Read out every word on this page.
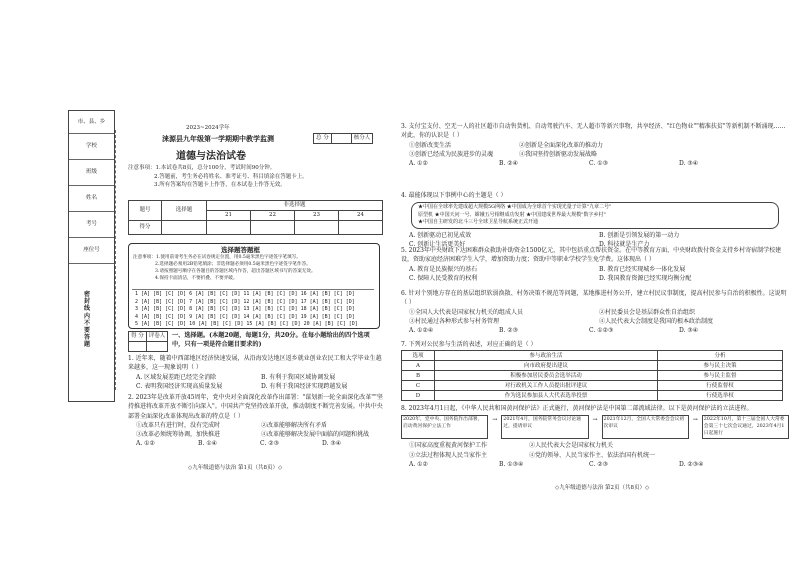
市、县、乡
学校
班级
姓名
考号
座位号
密封线内不要答题
2023~2024学年
涞源县九年级第一学期期中教学监测
道德与法治试卷
总 分		核分人
注意事项：1.本试卷共8页，总分100分，考试时间90分钟。
2.答题前，考生务必将姓名、准考证号、科目填涂在答题卡上。
3.所有答案均在答题卡上作答，在本试卷上作答无效。
题号	选择题	非选择题			
		21	22	23	24
得分					
选择题答题框
注意事项：1.使用前请考生务必在试卷规定位置，用0.5毫米黑色字迹签字笔填写。
2.选择题必须用2B铅笔填涂；非选择题必须用0.5毫米黑色字迹签字笔作答。
3.请按照题号顺序在各题目的答题区域内作答，超出答题区域书写的答案无效。
4.保持卡面清洁，不要折叠、不要弄破。
1 [A] [B] [C] [D] 6 [A] [B] [C] [D] 11 [A] [B] [C] [D] 16 [A] [B] [C] [D]
2 [A] [B] [C] [D] 7 [A] [B] [C] [D] 12 [A] [B] [C] [D] 17 [A] [B] [C] [D]
3 [A] [B] [C] [D] 8 [A] [B] [C] [D] 13 [A] [B] [C] [D] 18 [A] [B] [C] [D]
4 [A] [B] [C] [D] 9 [A] [B] [C] [D] 14 [A] [B] [C] [D] 19 [A] [B] [C] [D]
5 [A] [B] [C] [D] 10 [A] [B] [C] [D] 15 [A] [B] [C] [D] 20 [A] [B] [C] [D]
得 分	评卷人
	一、选择题。(本题20题，每题1分，共20分。在每小题给出的四个选项中，只有一项是符合题目要求的)
1. 近年来，随着中西部地区经济快速发展，从沿海发达地区返乡就业创业农民工和大学毕业生越来越多，这一现象说明（ ）
A. 区域发展差距已经完全消除	B. 有利于我国区域协调发展
C. 表明我国经济实现高质量发展	D. 有利于我国经济实现跨越发展
2. 2023年是改革开放45周年，党中央对全面深化改革作出部署："谋划新一轮全面深化改革""坚持推进将改革开放不断引向深入"。中国共产党坚持改革开放，推动制度不断完善发展。中共中央部署全面深化改革体现出改革的特点是（ ）
①改革只有进行时，没有完成时	②改革能够解决所有矛盾
③改革必须统筹协调，加快推进	④改革能够解决发展中面临的问题和挑战
A. ①②	B. ①④	C. ②③	D. ③④
◇九年级道德与法治 第1页（共8页）◇
3. 支付宝支付、空无一人的社区超市自动售货机、自动驾驶汽车、无人超市等新兴事物，共享经济、"红色物业""精准扶贫"等新机制不断涌现……对此，你的认识是（ ）
①创新改变生活	②创新是全面深化改革的推动力
③创新已经成为民族进步的灵魂	④我国坚持创新驱动发展战略
A. ①②	B. ②④	C. ①③	D. ③④
4. 最能体现以下事例中心的主题是（ ）
★中国在全球率先建成超大规模5G网络 ★中国成为全球首个实现光量子计算"九章二号"
原型机 ★中国天问一号、嫦娥五号相继成功发射 ★中国建成世界最大规模"数字乡村"
★中国自主研发的北斗三号全球卫星导航系统正式开通
A. 创新驱动已初见成效	B. 创新是引领发展的第一动力
C. 创新让生活更美好	D. 科技就是生产力
5. 2023年中央财政下达困难群众救助补助资金1500亿元，其中包括重点帮扶资金。在中等教育方面，中央财政拨付资金支持乡村寄宿制学校建设，资助家庭经济困难学生入学，增加资助力度；资助中等职业学校学生免学费。这体现出（ ）
A. 教育是民族振兴的基石	B. 教育已经实现城乡一体化发展
C. 保障人民受教育的权利	D. 我国教育资源已经实现均衡分配
6. 针对个别地方存在的基层组织软弱涣散、村务决策不规范等问题，某地推进村务公开，建立村民议事制度，提高村民参与自治的积极性。这说明（ ）
①全国人大代表是国家权力机关的组成人员	②村民委员会是基层群众性自治组织
③村民通过各种形式参与村务管理	④人民代表大会制度是我国的根本政治制度
A. ①②④	B. ②③	C. ①②③	D. ③④
7. 下列对公民参与生活的表述，对应正确的是（ ）
选项	参与政治生活	分析
A	向市政府提出建议	参与民主决策
B	积极参加居民委员会选举活动	参与民主监督
C	对行政机关工作人员提出批评建议	行使监督权
D	作为选民参加县人大代表选举投票	行使选举权
8. 2023年4月1日起，《中华人民共和国黄河保护法》正式施行，黄河保护法是中国第二部流域法律。以下是黄河保护法的立法进程。
2020年，党中央、国务院作出部署，启动黄河保护立法工作
→	2021年4月，国务院常务会议讨论通过，提请审议
→	2021年12月，全国人大常委会会议初次审议
→	2022年10月，第十三届全国人大常委会第三十七次会议通过，2023年4月1日起施行
①国家高度重视黄河保护工作	②人民代表大会是国家权力机关
③立法过程体现人民当家作主	④党的领导、人民当家作主、依法治国有机统一
A. ①②	B. ①③④	C. ②③	D. ②③④
◇九年级道德与法治 第2页（共8页）◇
